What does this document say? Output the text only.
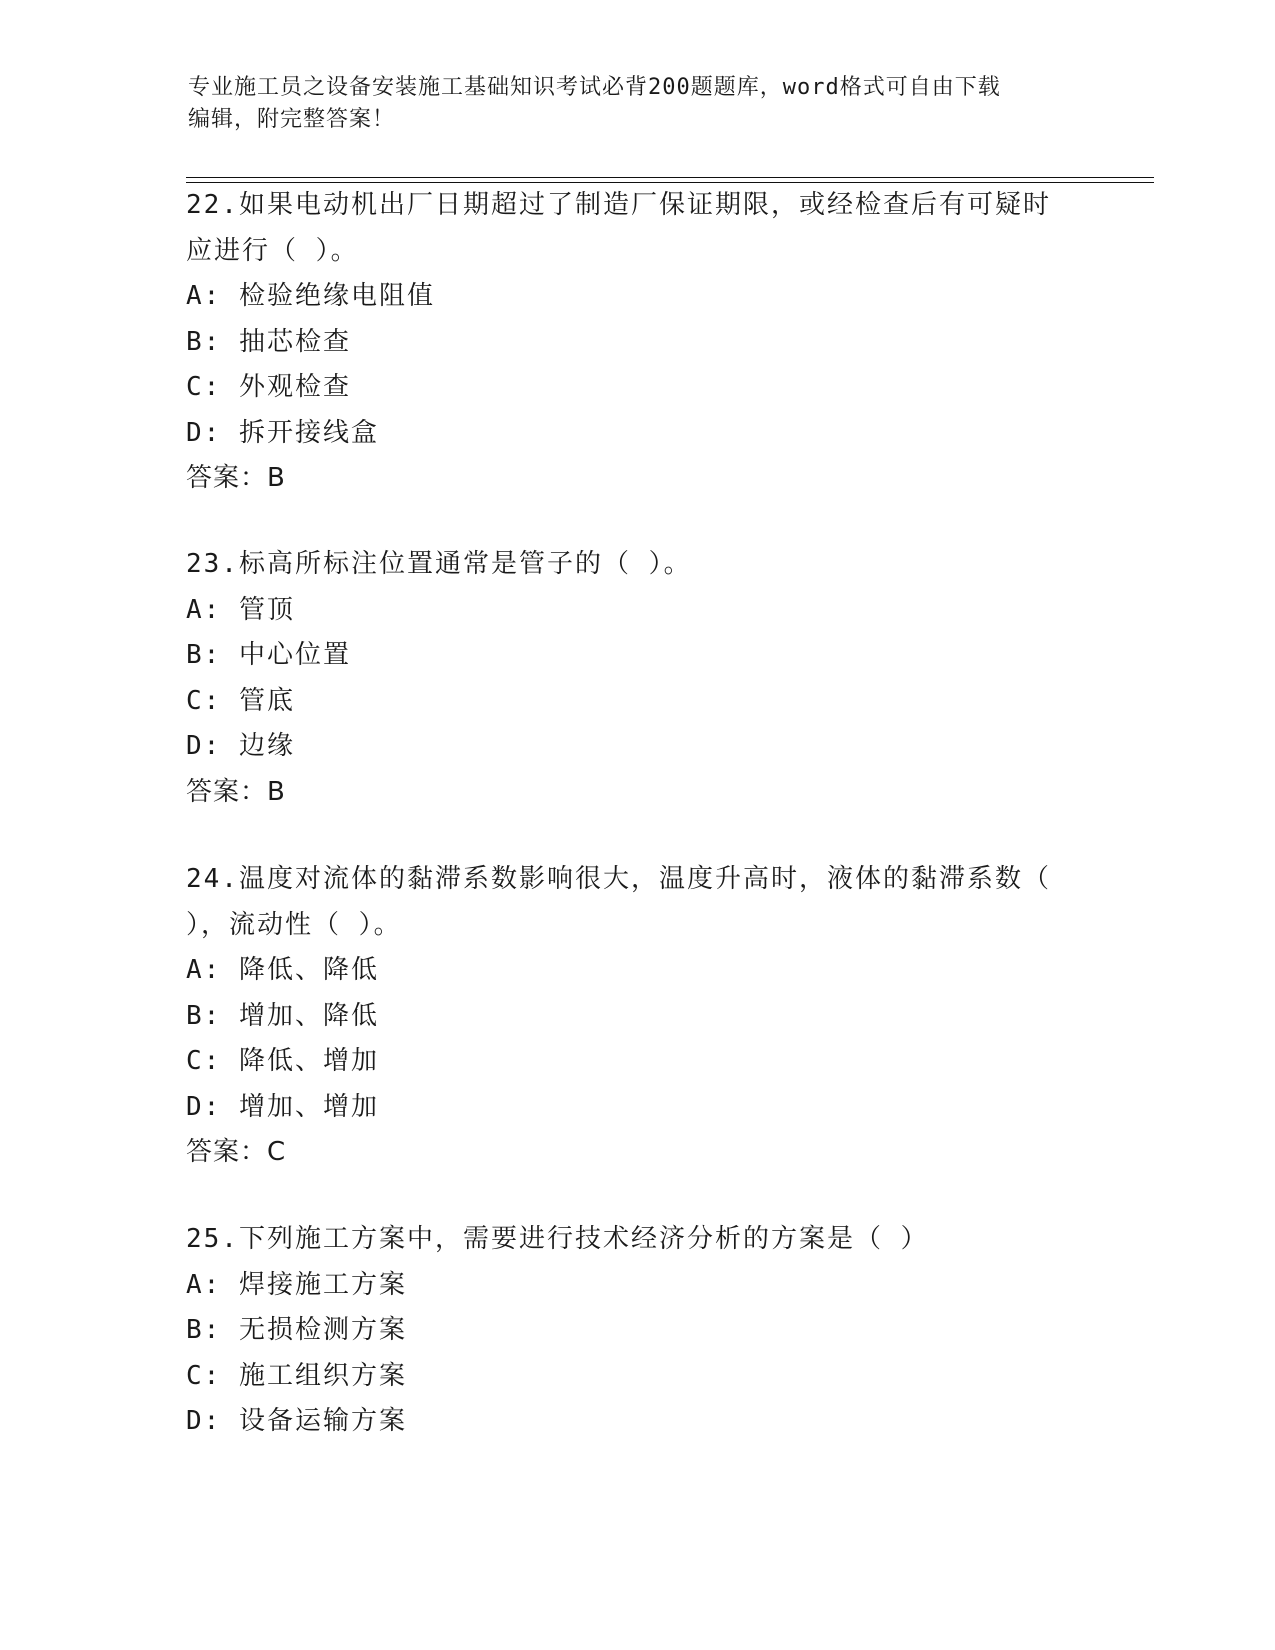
专业施工员之设备安装施工基础知识考试必背200题题库，word格式可自由下载
编辑，附完整答案！
22.如果电动机出厂日期超过了制造厂保证期限，或经检查后有可疑时
应进行（ ）。
A: 检验绝缘电阻值
B: 抽芯检查
C: 外观检查
D: 拆开接线盒
答案：B
23.标高所标注位置通常是管子的（ ）。
A: 管顶
B: 中心位置
C: 管底
D: 边缘
答案：B
24.温度对流体的黏滞系数影响很大，温度升高时，液体的黏滞系数（
），流动性（ ）。
A: 降低、降低
B: 增加、降低
C: 降低、增加
D: 增加、增加
答案：C
25.下列施工方案中，需要进行技术经济分析的方案是（ ）
A: 焊接施工方案
B: 无损检测方案
C: 施工组织方案
D: 设备运输方案
